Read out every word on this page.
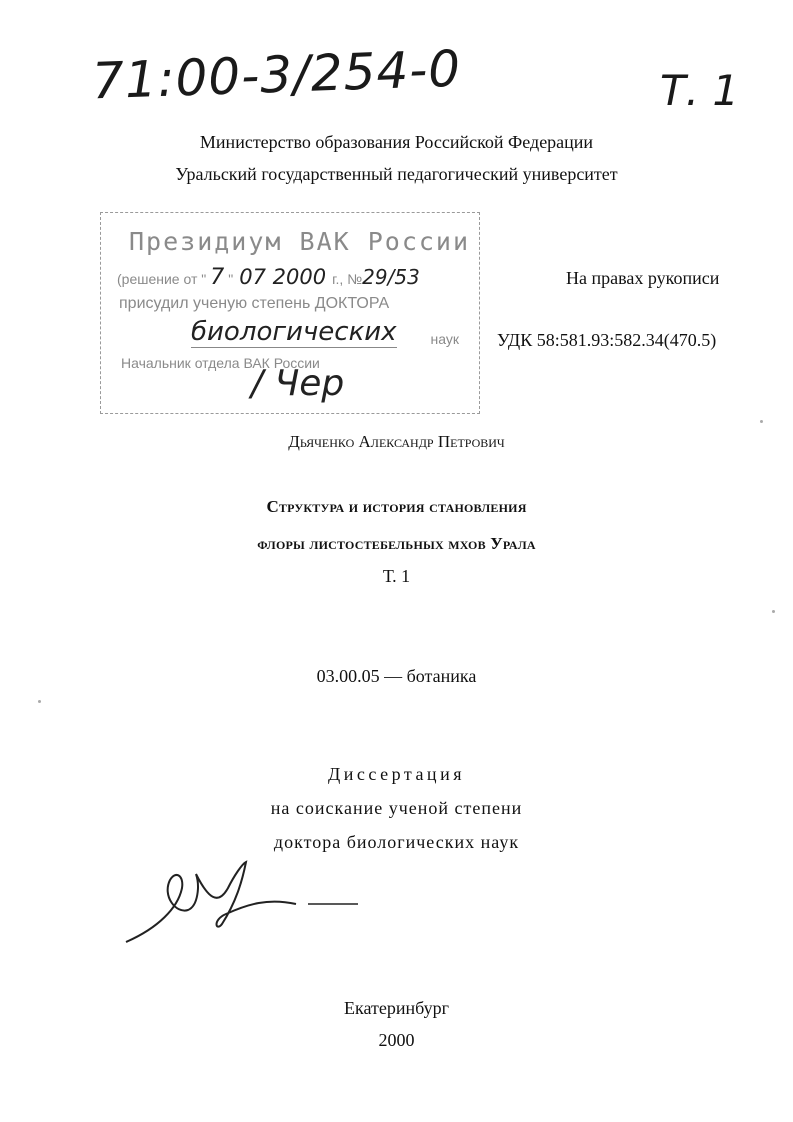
71:00-3/254-0	Т. 1
Министерство образования Российской Федерации
Уральский государственный педагогический университет
Президиум ВАК России
(решение от " 7 " 07 2000 г., №29/53
присудил ученую степень ДОКТОРА
биологических наук
Начальник отдела ВАК России
/ Чер
На правах рукописи
УДК 58:581.93:582.34(470.5)
Дьяченко Александр Петрович
Структура и история становления
флоры листостебельных мхов Урала
Т. 1
03.00.05 — ботаника
Диссертация
на соискание ученой степени
доктора биологических наук
Екатеринбург
2000
